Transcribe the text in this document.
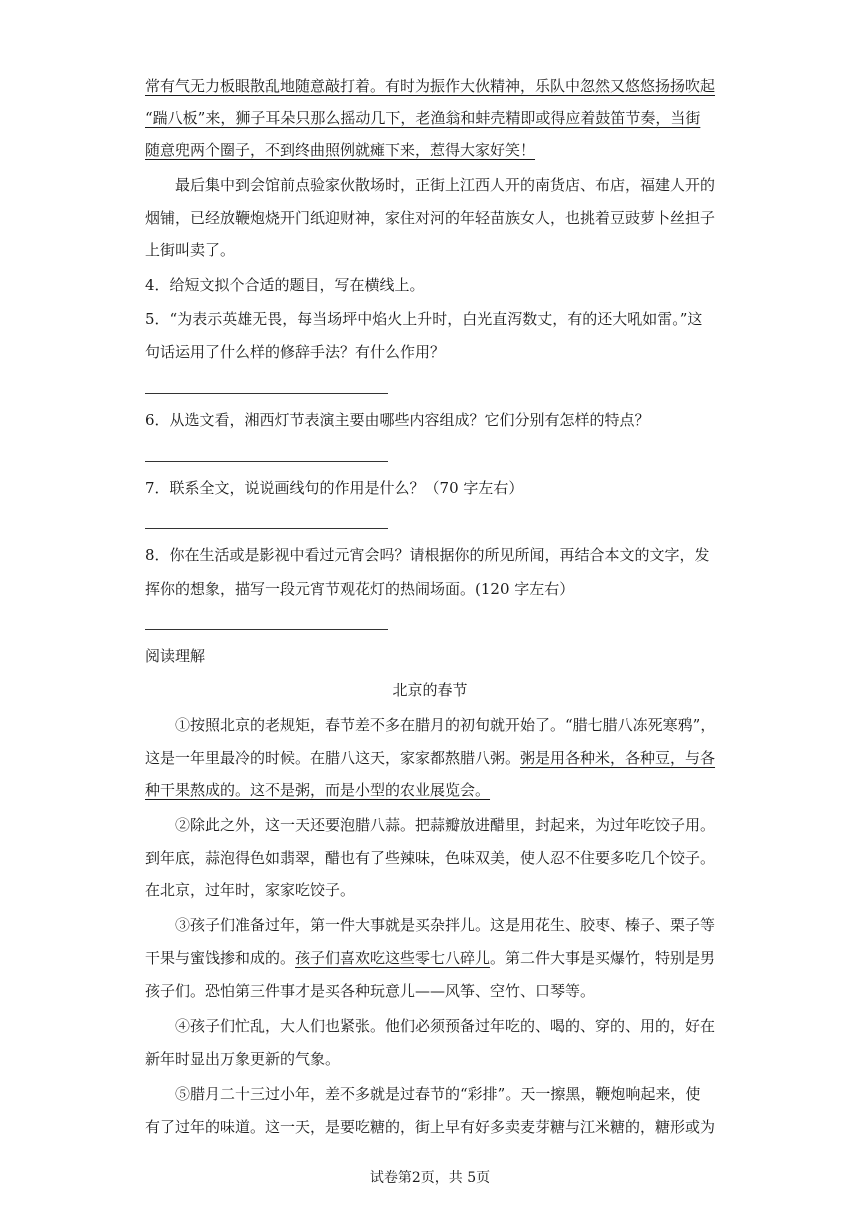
常有气无力板眼散乱地随意敲打着。有时为振作大伙精神，乐队中忽然又悠悠扬扬吹起
“踹八板”来，狮子耳朵只那么摇动几下，老渔翁和蚌壳精即或得应着鼓笛节奏，当街
随意兜两个圈子，不到终曲照例就瘫下来，惹得大家好笑！
最后集中到会馆前点验家伙散场时，正街上江西人开的南货店、布店，福建人开的
烟铺，已经放鞭炮烧开门纸迎财神，家住对河的年轻苗族女人，也挑着豆豉萝卜丝担子
上街叫卖了。
4．给短文拟个合适的题目，写在横线上。
5．“为表示英雄无畏，每当场坪中焰火上升时，白光直泻数丈，有的还大吼如雷。”这
句话运用了什么样的修辞手法？有什么作用？
6．从选文看，湘西灯节表演主要由哪些内容组成？它们分别有怎样的特点？
7．联系全文，说说画线句的作用是什么？（70 字左右）
8．你在生活或是影视中看过元宵会吗？请根据你的所见所闻，再结合本文的文字，发
挥你的想象，描写一段元宵节观花灯的热闹场面。(120 字左右）
阅读理解
北京的春节
①按照北京的老规矩，春节差不多在腊月的初旬就开始了。“腊七腊八冻死寒鸦”，
这是一年里最冷的时候。在腊八这天，家家都熬腊八粥。粥是用各种米，各种豆，与各
种干果熬成的。这不是粥，而是小型的农业展览会。
②除此之外，这一天还要泡腊八蒜。把蒜瓣放进醋里，封起来，为过年吃饺子用。
到年底，蒜泡得色如翡翠，醋也有了些辣味，色味双美，使人忍不住要多吃几个饺子。
在北京，过年时，家家吃饺子。
③孩子们准备过年，第一件大事就是买杂拌儿。这是用花生、胶枣、榛子、栗子等
干果与蜜饯掺和成的。孩子们喜欢吃这些零七八碎儿。第二件大事是买爆竹，特别是男
孩子们。恐怕第三件事才是买各种玩意儿——风筝、空竹、口琴等。
④孩子们忙乱，大人们也紧张。他们必须预备过年吃的、喝的、穿的、用的，好在
新年时显出万象更新的气象。
⑤腊月二十三过小年，差不多就是过春节的“彩排”。天一擦黑，鞭炮响起来，使
有了过年的味道。这一天，是要吃糖的，街上早有好多卖麦芽糖与江米糖的，糖形或为
试卷第2页，共 5页
